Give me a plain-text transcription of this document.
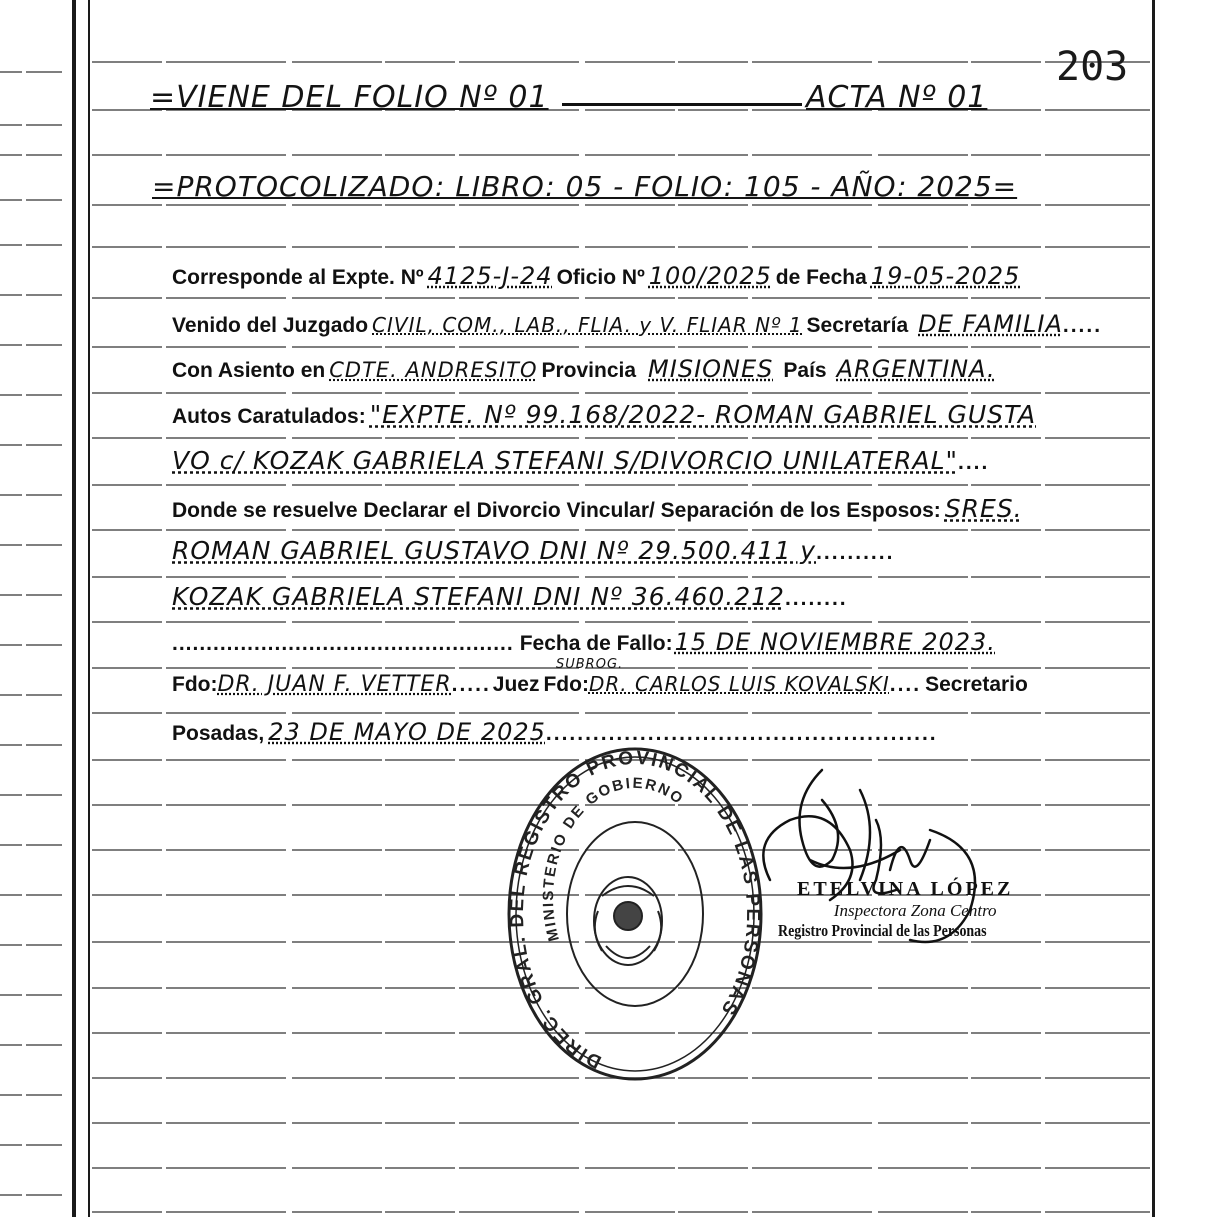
203
=VIENE DEL FOLIO Nº 01	ACTA Nº 01
=PROTOCOLIZADO: LIBRO: 05 - FOLIO: 105 - AÑO: 2025=
Corresponde al Expte. Nº 4125-J-24 Oficio Nº 100/2025 de Fecha 19-05-2025
Venido del Juzgado CIVIL, COM., LAB., FLIA. y V. FLIAR Nº 1 Secretaría DE FAMILIA .....
Con Asiento en CDTE. ANDRESITO Provincia MISIONES País ARGENTINA.
Autos Caratulados: "EXPTE. Nº 99.168/2022- ROMAN GABRIEL GUSTA
VO c/ KOZAK GABRIELA STEFANI S/DIVORCIO UNILATERAL" ....
Donde se resuelve Declarar el Divorcio Vincular/ Separación de los Esposos: SRES.
ROMAN GABRIEL GUSTAVO DNI Nº 29.500.411 y ..........
KOZAK GABRIELA STEFANI DNI Nº 36.460.212 ........
.................................................. Fecha de Fallo: 15 DE NOVIEMBRE 2023.
SUBROG.
Fdo: DR. JUAN F. VETTER ..... Juez Fdo: DR. CARLOS LUIS KOVALSKI .... Secretario
Posadas, 23 DE MAYO DE 2025 ..................................................
DIREC. GRAL. DEL REGISTRO PROVINCIAL DE LAS PERSONAS
MINISTERIO DE GOBIERNO
ETELVINA LÓPEZ
Inspectora Zona Centro
Registro Provincial de las Personas
